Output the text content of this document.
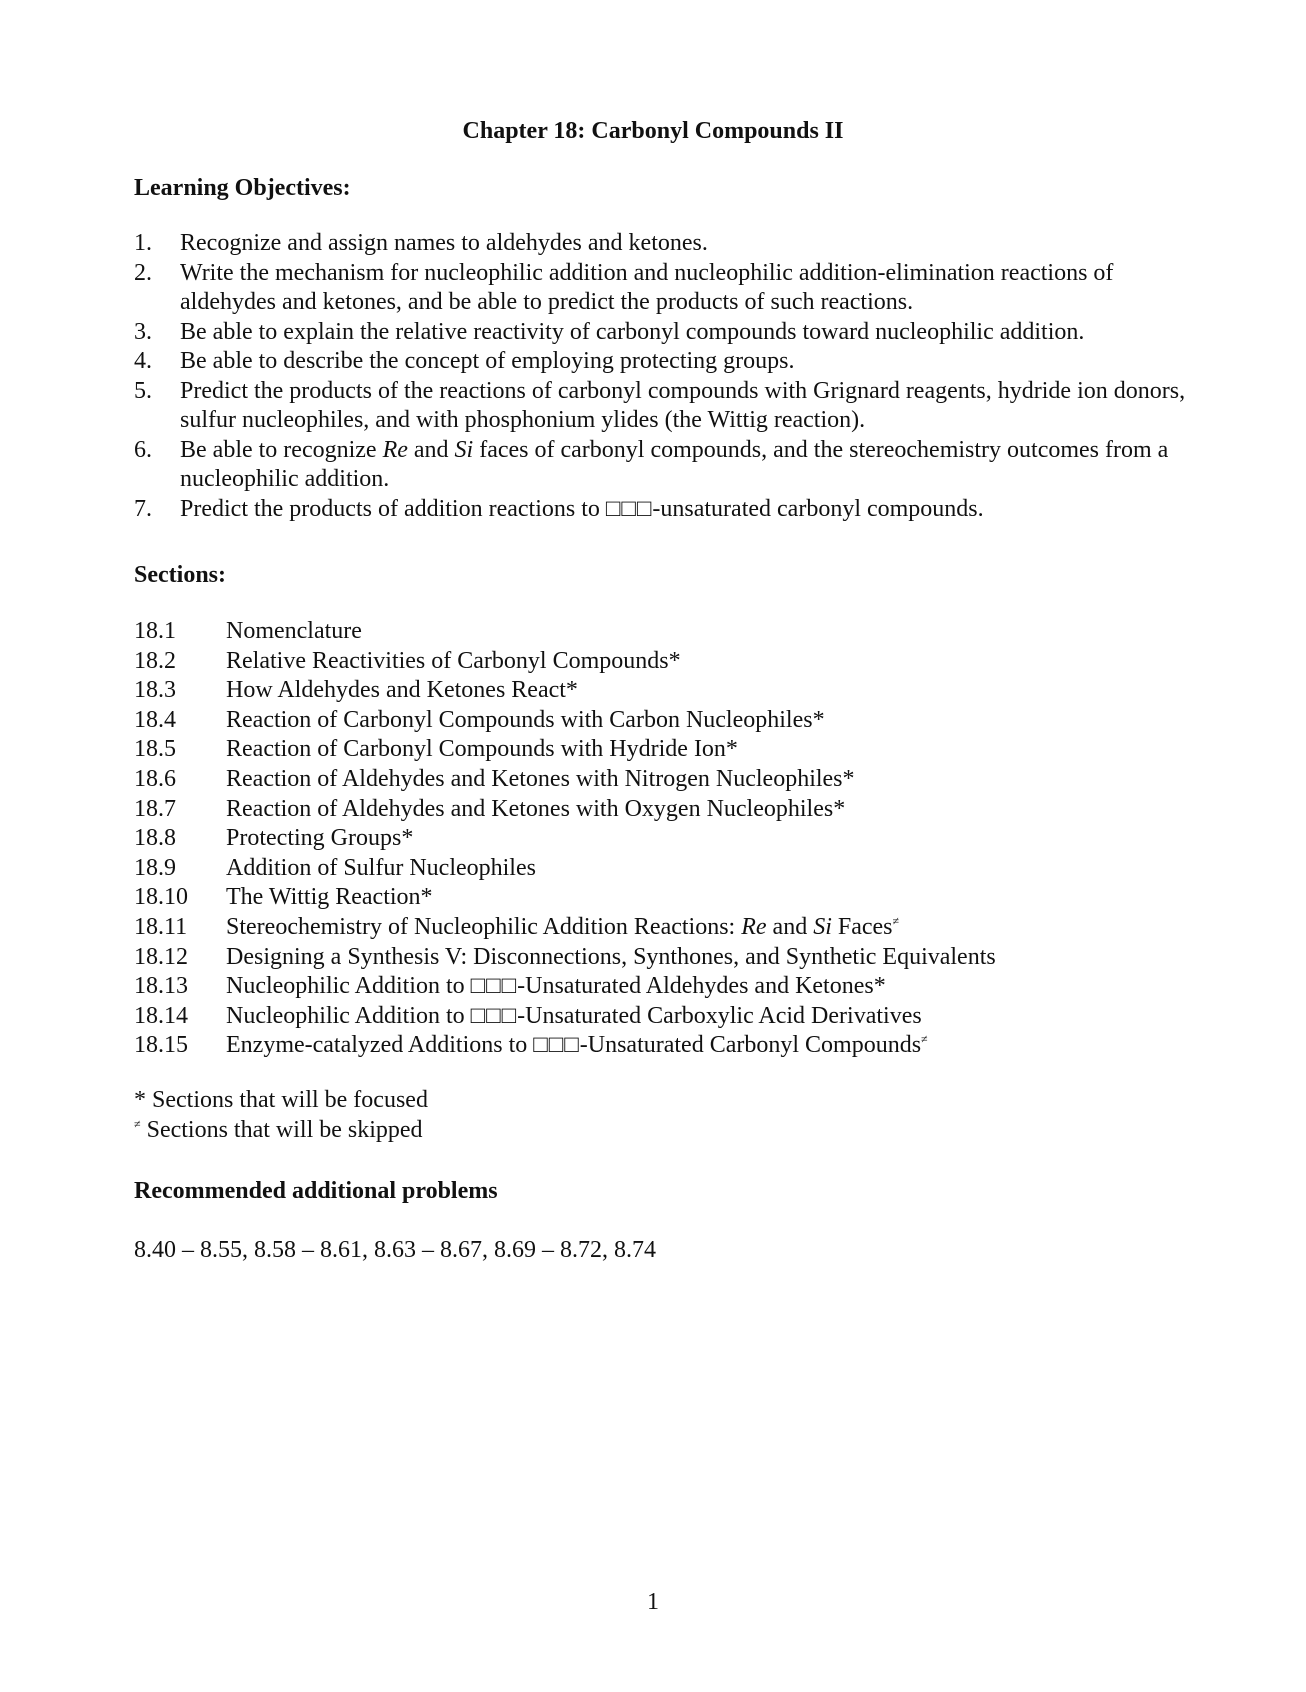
Chapter 18: Carbonyl Compounds II
Learning Objectives:
1.	Recognize and assign names to aldehydes and ketones.
2.	Write the mechanism for nucleophilic addition and nucleophilic addition-elimination reactions of aldehydes and ketones, and be able to predict the products of such reactions.
3.	Be able to explain the relative reactivity of carbonyl compounds toward nucleophilic addition.
4.	Be able to describe the concept of employing protecting groups.
5.	Predict the products of the reactions of carbonyl compounds with Grignard reagents, hydride ion donors, sulfur nucleophiles, and with phosphonium ylides (the Wittig reaction).
6.	Be able to recognize Re and Si faces of carbonyl compounds, and the stereochemistry outcomes from a nucleophilic addition.
7.	Predict the products of addition reactions to □□□-unsaturated carbonyl compounds.
Sections:
18.1	Nomenclature
18.2	Relative Reactivities of Carbonyl Compounds*
18.3	How Aldehydes and Ketones React*
18.4	Reaction of Carbonyl Compounds with Carbon Nucleophiles*
18.5	Reaction of Carbonyl Compounds with Hydride Ion*
18.6	Reaction of Aldehydes and Ketones with Nitrogen Nucleophiles*
18.7	Reaction of Aldehydes and Ketones with Oxygen Nucleophiles*
18.8	Protecting Groups*
18.9	Addition of Sulfur Nucleophiles
18.10	The Wittig Reaction*
18.11	Stereochemistry of Nucleophilic Addition Reactions: Re and Si Faces≠
18.12	Designing a Synthesis V: Disconnections, Synthones, and Synthetic Equivalents
18.13	Nucleophilic Addition to □□□-Unsaturated Aldehydes and Ketones*
18.14	Nucleophilic Addition to □□□-Unsaturated Carboxylic Acid Derivatives
18.15	Enzyme-catalyzed Additions to □□□-Unsaturated Carbonyl Compounds≠
* Sections that will be focused
≠ Sections that will be skipped
Recommended additional problems
8.40 – 8.55, 8.58 – 8.61, 8.63 – 8.67, 8.69 – 8.72, 8.74
1
